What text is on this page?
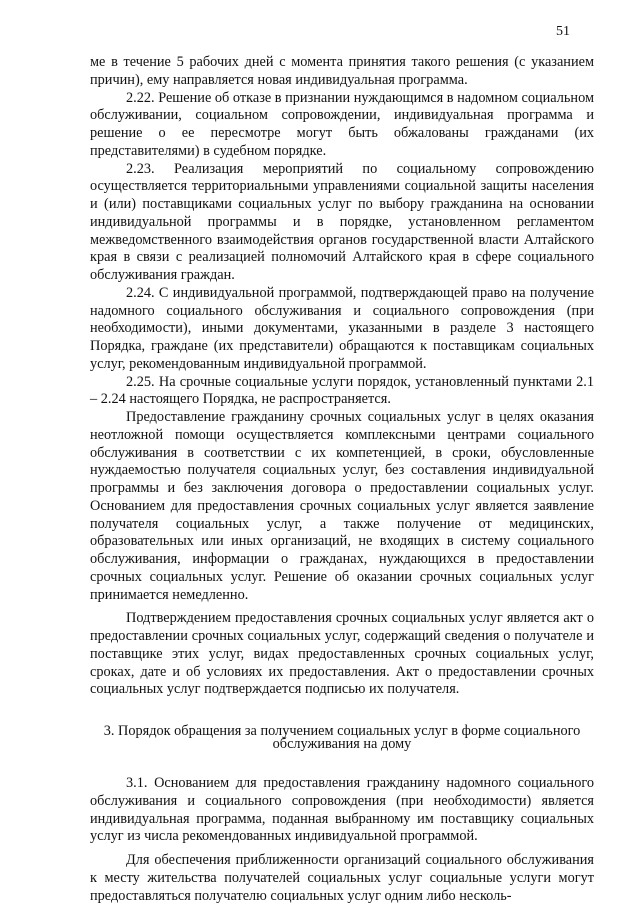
51

ме в течение 5 рабочих дней с момента принятия такого решения (с указанием причин), ему направляется новая индивидуальная программа.

2.22. Решение об отказе в признании нуждающимся в надомном социальном обслуживании, социальном сопровождении, индивидуальная программа и решение о ее пересмотре могут быть обжалованы гражданами (их представителями) в судебном порядке.

2.23. Реализация мероприятий по социальному сопровождению осуществляется территориальными управлениями социальной защиты населения и (или) поставщиками социальных услуг по выбору гражданина на основании индивидуальной программы и в порядке, установленном регламентом межведомственного взаимодействия органов государственной власти Алтайского края в связи с реализацией полномочий Алтайского края в сфере социального обслуживания граждан.

2.24. С индивидуальной программой, подтверждающей право на получение надомного социального обслуживания и социального сопровождения (при необходимости), иными документами, указанными в разделе 3 настоящего Порядка, граждане (их представители) обращаются к поставщикам социальных услуг, рекомендованным индивидуальной программой.

2.25. На срочные социальные услуги порядок, установленный пунктами 2.1 – 2.24 настоящего Порядка, не распространяется.

Предоставление гражданину срочных социальных услуг в целях оказания неотложной помощи осуществляется комплексными центрами социального обслуживания в соответствии с их компетенцией, в сроки, обусловленные нуждаемостью получателя социальных услуг, без составления индивидуальной программы и без заключения договора о предоставлении социальных услуг. Основанием для предоставления срочных социальных услуг является заявление получателя социальных услуг, а также получение от медицинских, образовательных или иных организаций, не входящих в систему социального обслуживания, информации о гражданах, нуждающихся в предоставлении срочных социальных услуг. Решение об оказании срочных социальных услуг принимается немедленно.

Подтверждением предоставления срочных социальных услуг является акт о предоставлении срочных социальных услуг, содержащий сведения о получателе и поставщике этих услуг, видах предоставленных срочных социальных услуг, сроках, дате и об условиях их предоставления. Акт о предоставлении срочных социальных услуг подтверждается подписью их получателя.

3. Порядок обращения за получением социальных услуг в форме социального обслуживания на дому

3.1. Основанием для предоставления гражданину надомного социального обслуживания и социального сопровождения (при необходимости) является индивидуальная программа, поданная выбранному им поставщику социальных услуг из числа рекомендованных индивидуальной программой.

Для обеспечения приближенности организаций социального обслуживания к месту жительства получателей социальных услуг социальные услуги могут предоставляться получателю социальных услуг одним либо несколь-
